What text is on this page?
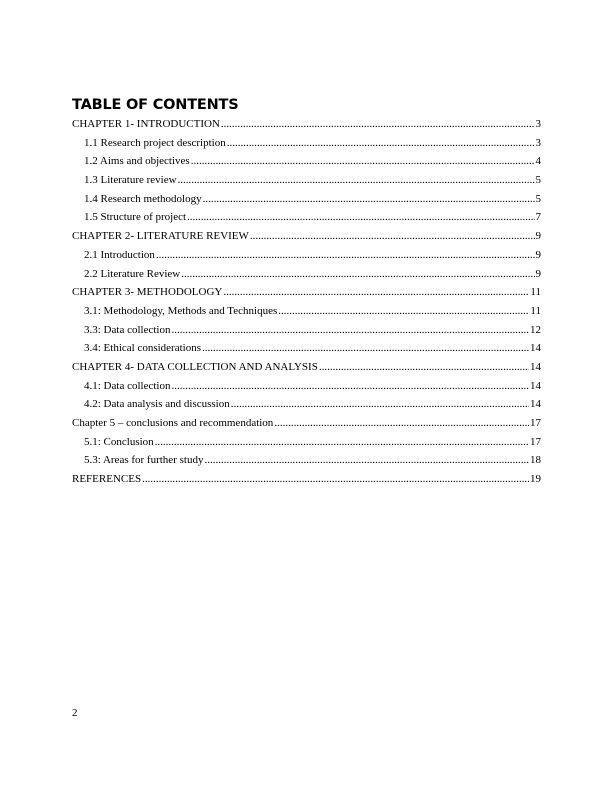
TABLE OF CONTENTS
CHAPTER 1- INTRODUCTION .....	3
1.1 Research project description .....	3
1.2 Aims and objectives .....	4
1.3 Literature review .....	5
1.4 Research methodology .....	5
1.5 Structure of project .....	7
CHAPTER 2- LITERATURE REVIEW .....	9
2.1 Introduction .....	9
2.2 Literature Review .....	9
CHAPTER 3- METHODOLOGY .....	11
3.1: Methodology, Methods and Techniques .....	11
3.3: Data collection .....	12
3.4: Ethical considerations .....	14
CHAPTER 4- DATA COLLECTION AND ANALYSIS .....	14
4.1: Data collection .....	14
4.2: Data analysis and discussion .....	14
Chapter 5 – conclusions and recommendation .....	17
5.1: Conclusion .....	17
5.3: Areas for further study .....	18
REFERENCES .....	19
2
